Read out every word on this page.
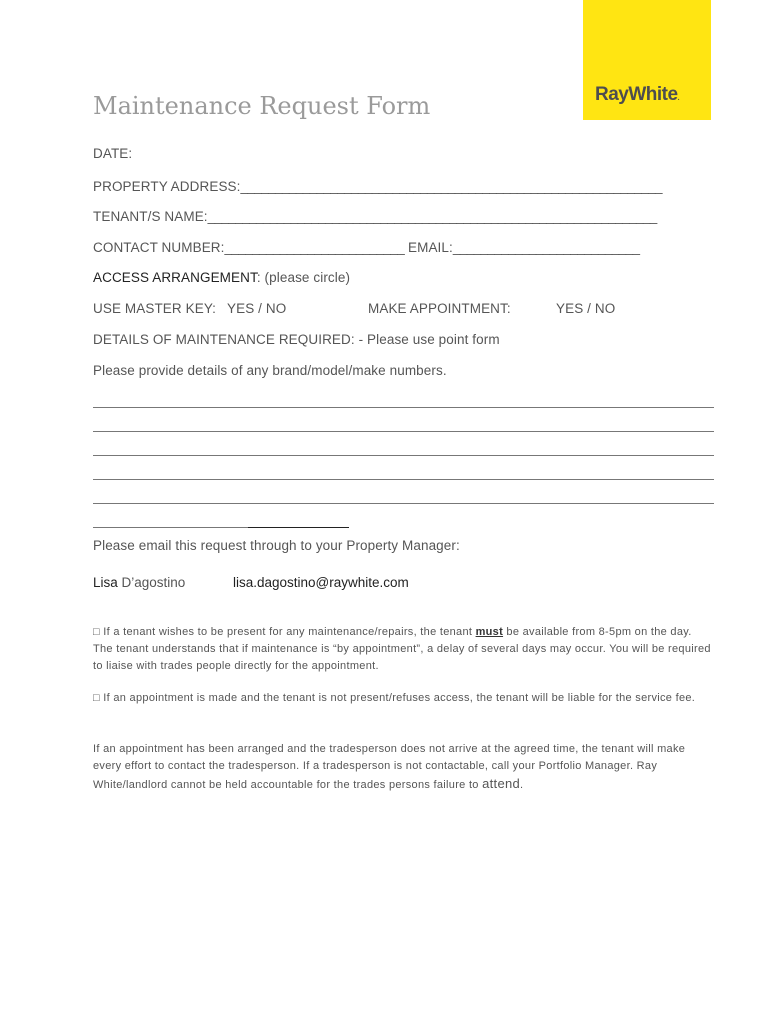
RayWhite.
Maintenance Request Form
DATE:
PROPERTY ADDRESS:_____________________________________________________________
TENANT/S NAME:_________________________________________________________________
CONTACT NUMBER:__________________________ EMAIL:___________________________
ACCESS ARRANGEMENT: (please circle)
USE MASTER KEY: YES / NO	MAKE APPOINTMENT:	YES / NO
DETAILS OF MAINTENANCE REQUIRED: - Please use point form
Please provide details of any brand/model/make numbers.
Please email this request through to your Property Manager:
Lisa D’agostino	lisa.dagostino@raywhite.com
□ If a tenant wishes to be present for any maintenance/repairs, the tenant must be available from 8-5pm on the day. The tenant understands that if maintenance is “by appointment”, a delay of several days may occur. You will be required to liaise with trades people directly for the appointment.
□ If an appointment is made and the tenant is not present/refuses access, the tenant will be liable for the service fee.
If an appointment has been arranged and the tradesperson does not arrive at the agreed time, the tenant will make every effort to contact the tradesperson. If a tradesperson is not contactable, call your Portfolio Manager. Ray White/landlord cannot be held accountable for the trades persons failure to attend.
